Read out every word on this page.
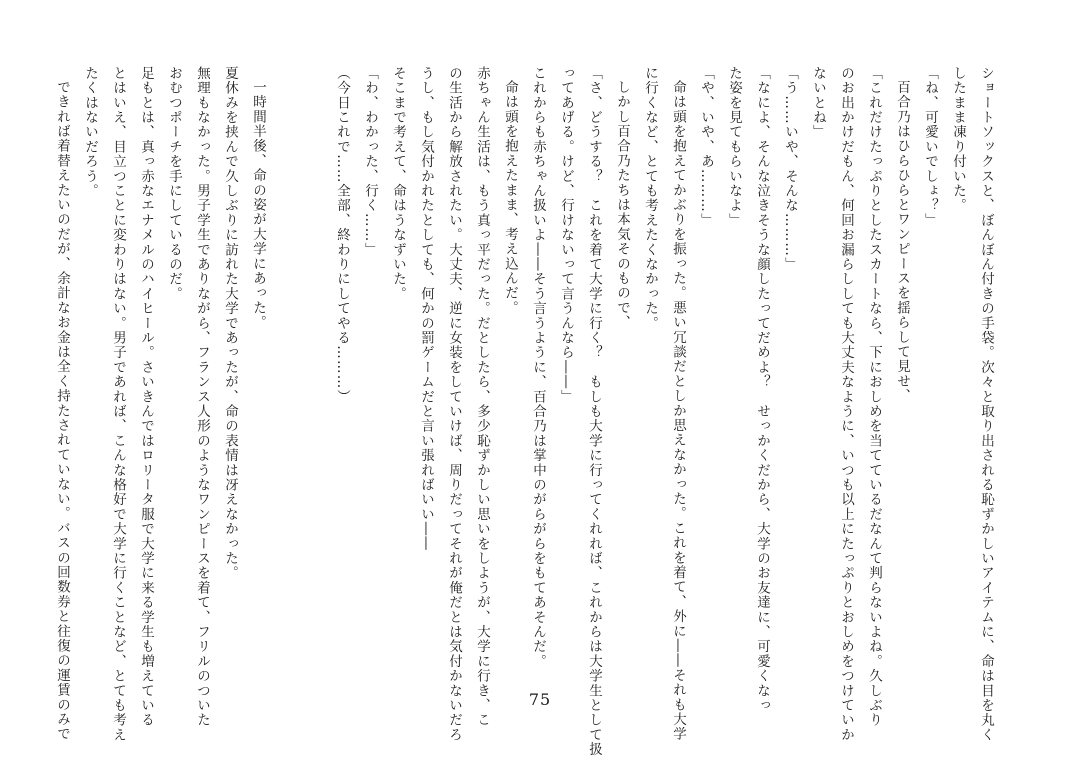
ショートソックスと、ぼんぼん付きの手袋。次々と取り出される恥ずかしいアイテムに、命は目を丸く

したまま凍り付いた。

「ね、可愛いでしょ？」

百合乃はひらひらとワンピースを揺らして見せ、

「これだけたっぷりとしたスカートなら、下におしめを当てているだなんて判らないよね。久しぶり

のお出かけだもん、何回お漏らししても大丈夫なように、いつも以上にたっぷりとおしめをつけていか

ないとね」

「う……いや、そんな………」

「なによ、そんな泣きそうな顔したってだめよ？　せっかくだから、大学のお友達に、可愛くなっ

た姿を見てもらいなよ」

「や、いや、あ………」

命は頭を抱えてかぶりを振った。悪い冗談だとしか思えなかった。これを着て、外に――それも大学

に行くなど、とても考えたくなかった。

しかし百合乃たちは本気そのもので、

「さ、どうする？　これを着て大学に行く？　もしも大学に行ってくれれば、これからは大学生として扱

ってあげる。けど、行けないって言うんなら――」

これからも赤ちゃん扱いよ――そう言うように、百合乃は掌中のがらがらをもてあそんだ。

命は頭を抱えたまま、考え込んだ。

赤ちゃん生活は、もう真っ平だった。だとしたら、多少恥ずかしい思いをしようが、大学に行き、こ

の生活から解放されたい。大丈夫、逆に女装をしていけば、周りだってそれが俺だとは気付かないだろ

うし、もし気付かれたとしても、何かの罰ゲームだと言い張ればいい――

そこまで考えて、命はうなずいた。

「わ、わかった、行く……」

（今日これで……全部、終わりにしてやる………）

一時間半後、命の姿が大学にあった。

夏休みを挟んで久しぶりに訪れた大学であったが、命の表情は冴えなかった。

無理もなかった。男子学生でありながら、フランス人形のようなワンピースを着て、フリルのついた

おむつポーチを手にしているのだ。

足もとは、真っ赤なエナメルのハイヒール。さいきんではロリータ服で大学に来る学生も増えている

とはいえ、目立つことに変わりはない。男子であれば、こんな格好で大学に行くことなど、とても考え

たくはないだろう。

できれば着替えたいのだが、余計なお金は全く持たされていない。バスの回数券と往復の運賃のみで	75
